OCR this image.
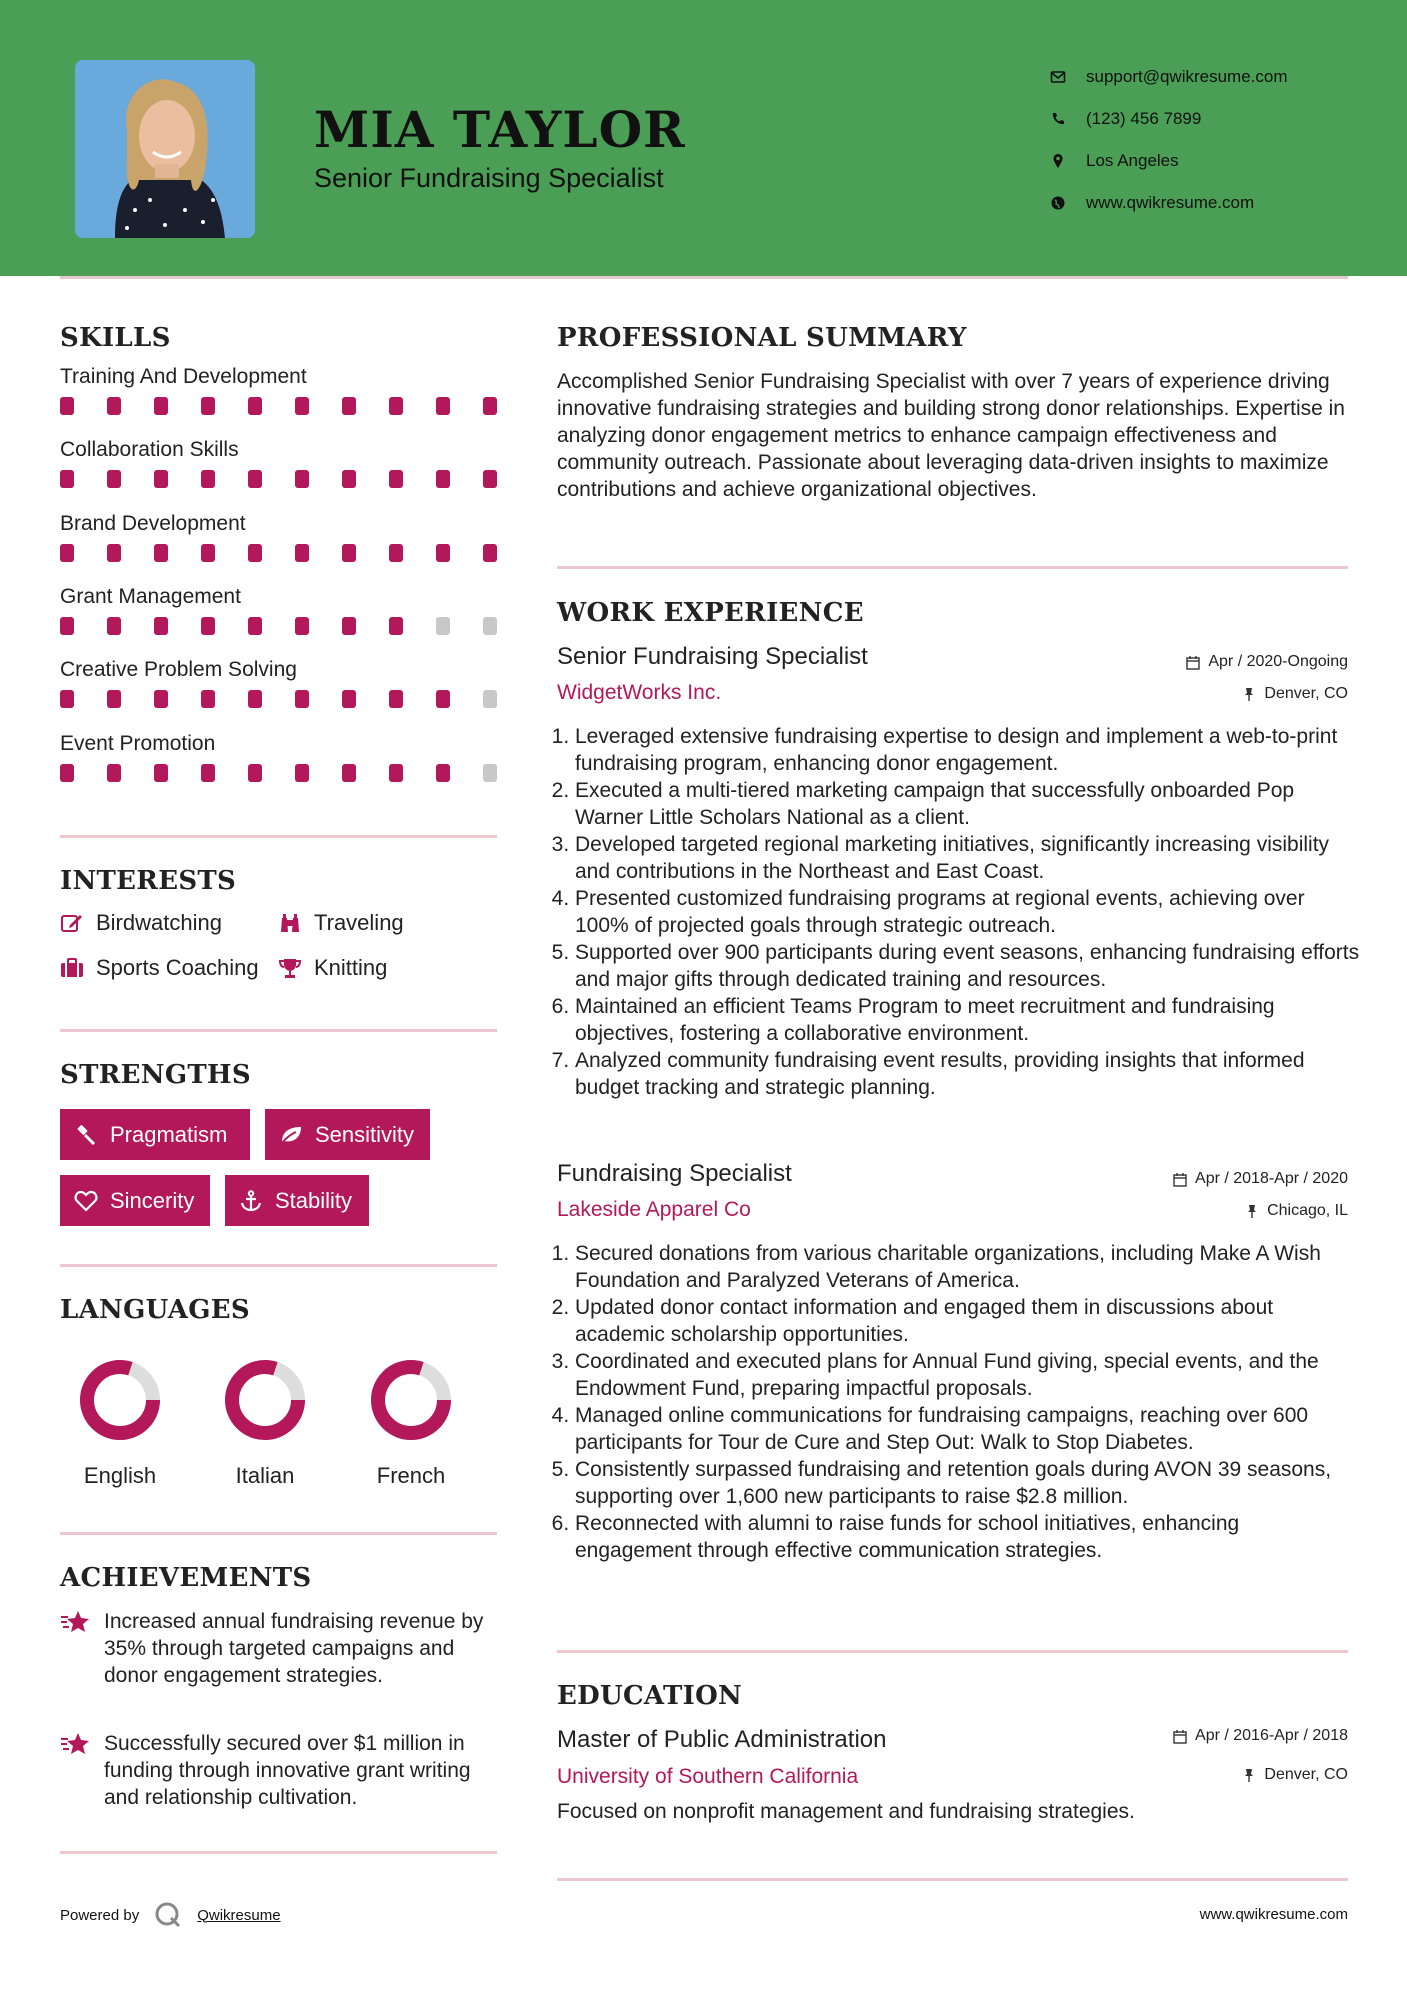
MIA TAYLOR
Senior Fundraising Specialist
support@qwikresume.com
(123) 456 7899
Los Angeles
www.qwikresume.com
SKILLS
Training And Development
Collaboration Skills
Brand Development
Grant Management
Creative Problem Solving
Event Promotion
INTERESTS
Birdwatching	Traveling
Sports Coaching	Knitting
STRENGTHS
Pragmatism	Sensitivity
Sincerity	Stability
LANGUAGES
English	Italian	French
ACHIEVEMENTS
Increased annual fundraising revenue by 35% through targeted campaigns and donor engagement strategies.
Successfully secured over $1 million in funding through innovative grant writing and relationship cultivation.
PROFESSIONAL SUMMARY
Accomplished Senior Fundraising Specialist with over 7 years of experience driving innovative fundraising strategies and building strong donor relationships. Expertise in analyzing donor engagement metrics to enhance campaign effectiveness and community outreach. Passionate about leveraging data-driven insights to maximize contributions and achieve organizational objectives.
WORK EXPERIENCE
Senior Fundraising Specialist	Apr / 2020-Ongoing
WidgetWorks Inc.	Denver, CO
1. Leveraged extensive fundraising expertise to design and implement a web-to-print fundraising program, enhancing donor engagement.
2. Executed a multi-tiered marketing campaign that successfully onboarded Pop Warner Little Scholars National as a client.
3. Developed targeted regional marketing initiatives, significantly increasing visibility and contributions in the Northeast and East Coast.
4. Presented customized fundraising programs at regional events, achieving over 100% of projected goals through strategic outreach.
5. Supported over 900 participants during event seasons, enhancing fundraising efforts and major gifts through dedicated training and resources.
6. Maintained an efficient Teams Program to meet recruitment and fundraising objectives, fostering a collaborative environment.
7. Analyzed community fundraising event results, providing insights that informed budget tracking and strategic planning.
Fundraising Specialist	Apr / 2018-Apr / 2020
Lakeside Apparel Co	Chicago, IL
1. Secured donations from various charitable organizations, including Make A Wish Foundation and Paralyzed Veterans of America.
2. Updated donor contact information and engaged them in discussions about academic scholarship opportunities.
3. Coordinated and executed plans for Annual Fund giving, special events, and the Endowment Fund, preparing impactful proposals.
4. Managed online communications for fundraising campaigns, reaching over 600 participants for Tour de Cure and Step Out: Walk to Stop Diabetes.
5. Consistently surpassed fundraising and retention goals during AVON 39 seasons, supporting over 1,600 new participants to raise $2.8 million.
6. Reconnected with alumni to raise funds for school initiatives, enhancing engagement through effective communication strategies.
EDUCATION
Master of Public Administration	Apr / 2016-Apr / 2018
University of Southern California	Denver, CO
Focused on nonprofit management and fundraising strategies.
Powered by	Qwikresume	www.qwikresume.com
